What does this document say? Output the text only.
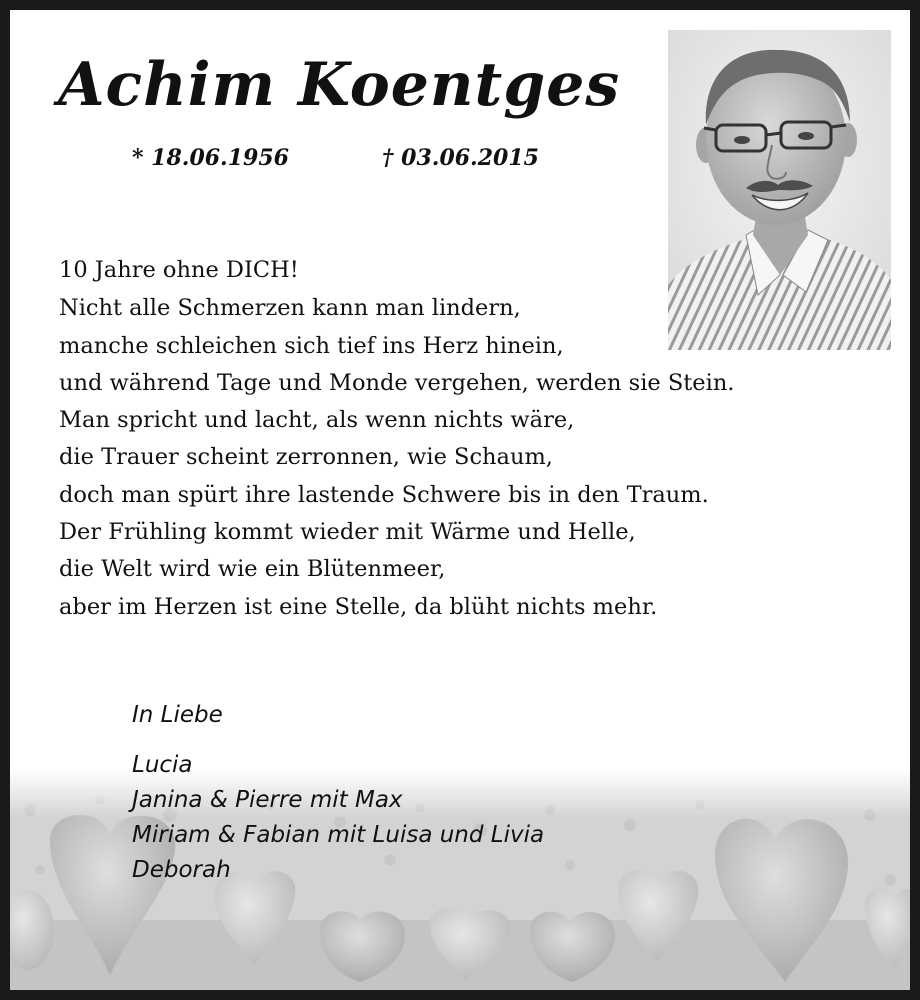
Achim Koentges
* 18.06.1956	† 03.06.2015
10 Jahre ohne DICH!
Nicht alle Schmerzen kann man lindern,
manche schleichen sich tief ins Herz hinein,
und während Tage und Monde vergehen, werden sie Stein.
Man spricht und lacht, als wenn nichts wäre,
die Trauer scheint zerronnen, wie Schaum,
doch man spürt ihre lastende Schwere bis in den Traum.
Der Frühling kommt wieder mit Wärme und Helle,
die Welt wird wie ein Blütenmeer,
aber im Herzen ist eine Stelle, da blüht nichts mehr.
In Liebe
Lucia
Janina & Pierre mit Max
Miriam & Fabian mit Luisa und Livia
Deborah
